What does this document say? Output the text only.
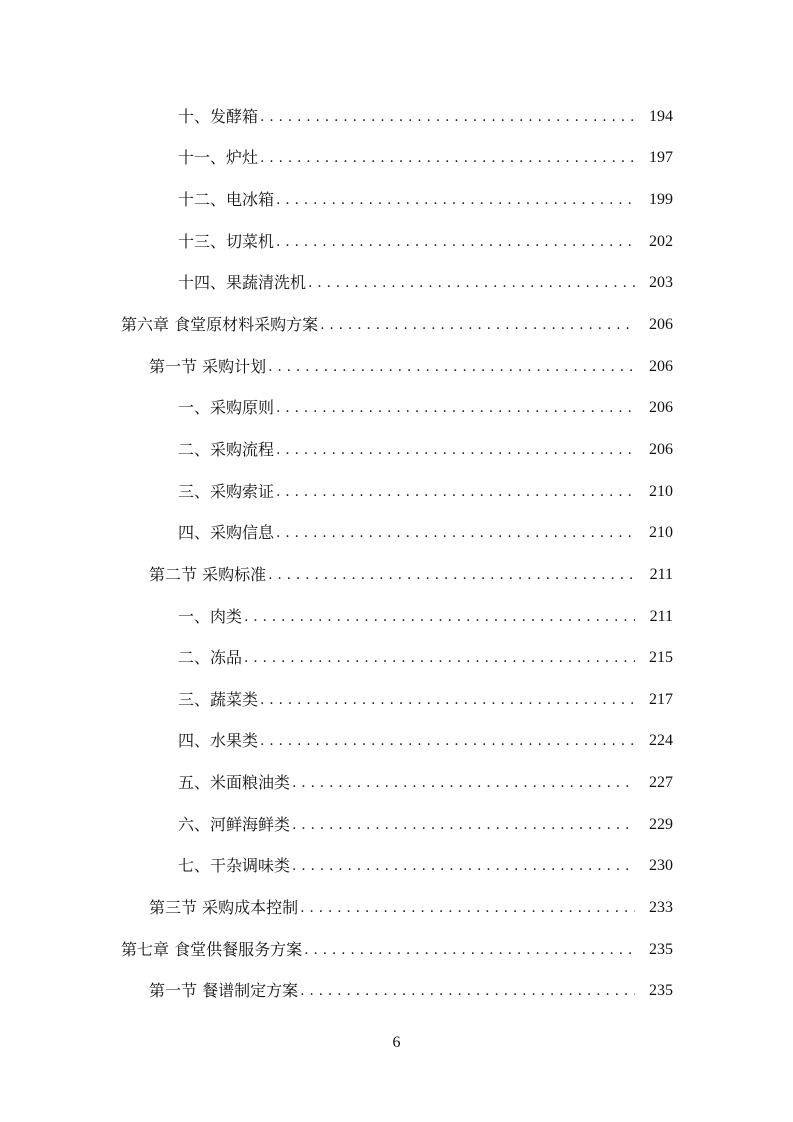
十、发酵箱 . . .	194
十一、炉灶 . . .	197
十二、电冰箱 . . .	199
十三、切菜机 . . .	202
十四、果蔬清洗机 . . .	203
第六章 食堂原材料采购方案 . . .	206
第一节 采购计划 . . .	206
一、采购原则 . . .	206
二、采购流程 . . .	206
三、采购索证 . . .	210
四、采购信息 . . .	210
第二节 采购标准 . . .	211
一、肉类 . . .	211
二、冻品 . . .	215
三、蔬菜类 . . .	217
四、水果类 . . .	224
五、米面粮油类 . . .	227
六、河鲜海鲜类 . . .	229
七、干杂调味类 . . .	230
第三节 采购成本控制 . . .	233
第七章 食堂供餐服务方案 . . .	235
第一节 餐谱制定方案 . . .	235
6
